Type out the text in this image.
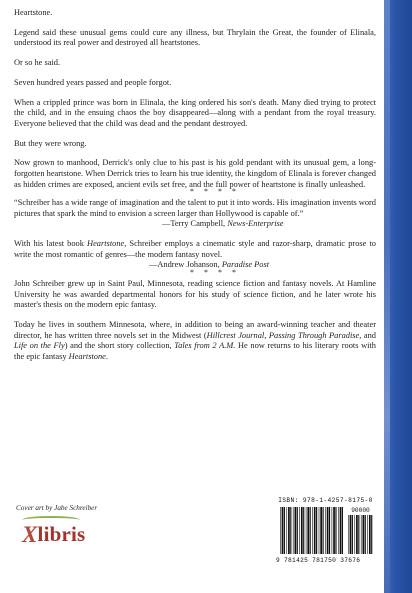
Heartstone.

Legend said these unusual gems could cure any illness, but Thrylain the Great, the founder of Elinala, understood its real power and destroyed all heartstones.

Or so he said.

Seven hundred years passed and people forgot.

When a crippled prince was born in Elinala, the king ordered his son's death. Many died trying to protect the child, and in the ensuing chaos the boy disappeared—along with a pendant from the royal treasury. Everyone believed that the child was dead and the pendant destroyed.

But they were wrong.

Now grown to manhood, Derrick's only clue to his past is his gold pendant with its unusual gem, a long-forgotten heartstone. When Derrick tries to learn his true identity, the kingdom of Elinala is forever changed as hidden crimes are exposed, ancient evils set free, and the full power of heartstone is finally unleashed.

* * * *

“Schreiber has a wide range of imagination and the talent to put it into words. His imagination invents word pictures that spark the mind to envision a screen larger than Hollywood is capable of.”

—Terry Campbell, News-Enterprise

With his latest book Heartstone, Schreiber employs a cinematic style and razor-sharp, dramatic prose to write the most romantic of genres—the modern fantasy novel.

—Andrew Johanson, Paradise Post
* * * *

John Schreiber grew up in Saint Paul, Minnesota, reading science fiction and fantasy novels. At Hamline University he was awarded departmental honors for his study of science fiction, and he later wrote his master's thesis on the modern epic fantasy.

Today he lives in southern Minnesota, where, in addition to being an award-winning teacher and theater director, he has written three novels set in the Midwest (Hillcrest Journal, Passing Through Paradise, and Life on the Fly) and the short story collection, Tales from 2 A.M. He now returns to his literary roots with the epic fantasy Heartstone.

Cover art by Jabe Schreiber
Xlibris
ISBN: 978-1-4257-8175-0
90000
9 781425 781750 37676
